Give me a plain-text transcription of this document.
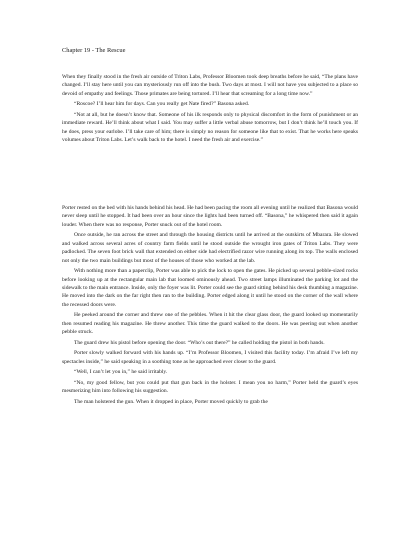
Chapter 19 - The Rescue

When they finally stood in the fresh air outside of Triton Labs, Professor Bloomen took deep breaths before he said, “The plans have changed. I’ll stay here until you can mysteriously run off into the bush. Two days at most. I will not have you subjected to a place so devoid of empathy and feelings. Those primates are being tortured. I’ll hear that screaming for a long time now.”

“Roscoe? I’ll hear him for days. Can you really get Nate fired?” Basona asked.

“Not at all, but he doesn’t know that. Someone of his ilk responds only to physical discomfort in the form of punishment or an immediate reward. He’ll think about what I said. You may suffer a little verbal abuse tomorrow, but I don’t think he’ll touch you. If he does, press your earlobe. I’ll take care of him; there is simply no reason for someone like that to exist. That he works here speaks volumes about Triton Labs. Let’s walk back to the hotel. I need the fresh air and exercise.”

Porter rested on the bed with his hands behind his head. He had been pacing the room all evening until he realized that Basona would never sleep until he stopped. It had been over an hour since the lights had been turned off. “Basona,” he whispered then said it again louder. When there was no response, Porter snuck out of the hotel room.

Once outside, he ran across the street and through the housing districts until he arrived at the outskirts of Mbarara. He slowed and walked across several acres of country farm fields until he stood outside the wrought iron gates of Triton Labs. They were padlocked. The seven foot brick wall that extended on either side had electrified razor wire running along its top. The walls enclosed not only the two main buildings but most of the houses of those who worked at the lab.

With nothing more than a paperclip, Porter was able to pick the lock to open the gates. He picked up several pebble-sized rocks before looking up at the rectangular main lab that loomed ominously ahead. Two street lamps illuminated the parking lot and the sidewalk to the main entrance. Inside, only the foyer was lit. Porter could see the guard sitting behind his desk thumbing a magazine. He moved into the dark on the far right then ran to the building. Porter edged along it until he stood on the corner of the wall where the recessed doors were.

He peeked around the corner and threw one of the pebbles. When it hit the clear glass door, the guard looked up momentarily then resumed reading his magazine. He threw another. This time the guard walked to the doors. He was peering out when another pebble struck.

The guard drew his pistol before opening the door. “Who’s out there?” he called holding the pistol in both hands.

Porter slowly walked forward with his hands up. “I’m Professor Bloomen, I visited this facility today. I’m afraid I’ve left my spectacles inside,” he said speaking in a soothing tone as he approached ever closer to the guard.

“Well, I can’t let you in,” he said irritably.

“No, my good fellow, but you could put that gun back in the holster. I mean you no harm,” Porter held the guard’s eyes mesmerizing him into following his suggestion.

The man holstered the gun. When it dropped in place, Porter moved quickly to grab the
